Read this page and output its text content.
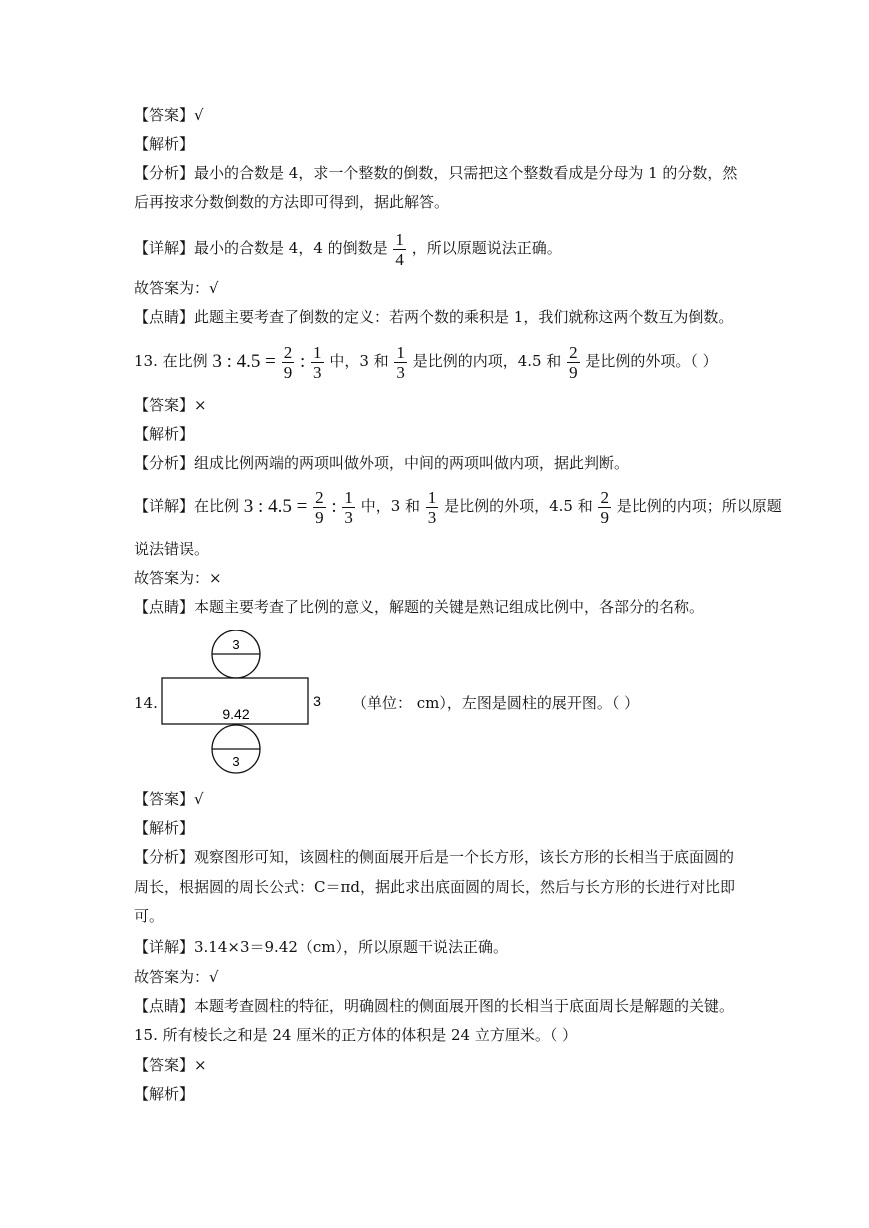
【答案】√
【解析】
【分析】最小的合数是 4，求一个整数的倒数，只需把这个整数看成是分母为 1 的分数，然
后再按求分数倒数的方法即可得到，据此解答。
【详解】最小的合数是 4，4 的倒数是 $\frac{1}{4}$ ，所以原题说法正确。
故答案为：√
【点睛】此题主要考查了倒数的定义：若两个数的乘积是 1，我们就称这两个数互为倒数。
13. 在比例 3 : $4.5 = \frac{2}{9}$ : $\frac{1}{3}$ 中，3 和 $\frac{1}{3}$ 是比例的内项，4.5 和 $\frac{2}{9}$ 是比例的外项。（ ）
【答案】×
【解析】
【分析】组成比例两端的两项叫做外项，中间的两项叫做内项，据此判断。
【详解】在比例 3 : $4.5 = \frac{2}{9}$ : $\frac{1}{3}$ 中，3 和 $\frac{1}{3}$ 是比例的外项，4.5 和 $\frac{2}{9}$ 是比例的内项；所以原题
说法错误。
故答案为：×
【点睛】本题主要考查了比例的意义，解题的关键是熟记组成比例中，各部分的名称。
14.
3
9.42
3
3
（单位： cm），左图是圆柱的展开图。（ ）
【答案】√
【解析】
【分析】观察图形可知，该圆柱的侧面展开后是一个长方形，该长方形的长相当于底面圆的
周长，根据圆的周长公式：C＝πd，据此求出底面圆的周长，然后与长方形的长进行对比即
可。
【详解】3.14×3＝9.42（cm），所以原题干说法正确。
故答案为：√
【点睛】本题考查圆柱的特征，明确圆柱的侧面展开图的长相当于底面周长是解题的关键。
15. 所有棱长之和是 24 厘米的正方体的体积是 24 立方厘米。（ ）
【答案】×
【解析】
